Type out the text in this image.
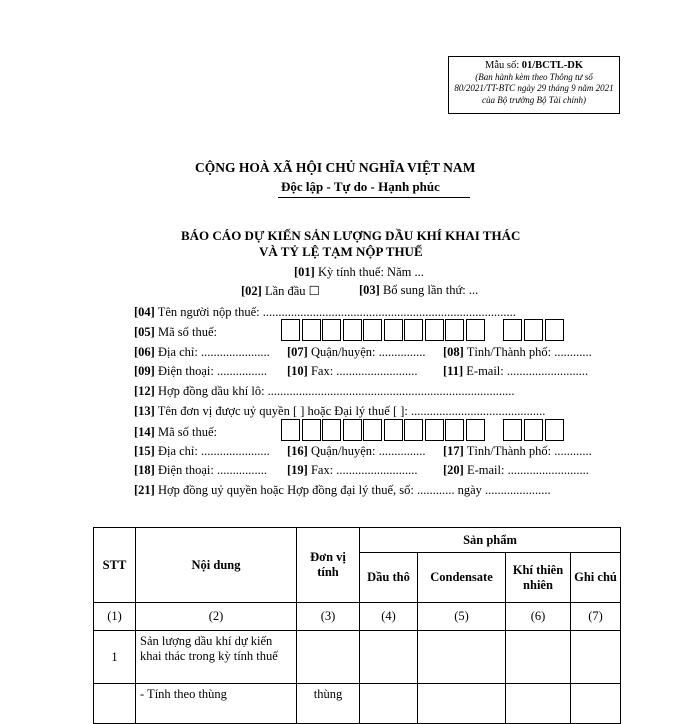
Mẫu số: 01/BCTL-DK
(Ban hành kèm theo Thông tư số
80/2021/TT-BTC ngày 29 tháng 9 năm 2021
của Bộ trưởng Bộ Tài chính)
CỘNG HOÀ XÃ HỘI CHỦ NGHĨA VIỆT NAM
Độc lập - Tự do - Hạnh phúc
BÁO CÁO DỰ KIẾN SẢN LƯỢNG DẦU KHÍ KHAI THÁC
VÀ TỶ LỆ TẠM NỘP THUẾ
[01] Kỳ tính thuế: Năm ...
[02] Lần đầu ☐	[03] Bổ sung lần thứ: ...
[04] Tên người nộp thuế: .................................................................................
[05] Mã số thuế:
[06] Địa chỉ: ...................... [07] Quận/huyện: ............... [08] Tỉnh/Thành phố: ............
[09] Điện thoại: ................ [10] Fax: .......................... [11] E-mail: ..........................
[12] Hợp đồng dầu khí lô: ...............................................................................
[13] Tên đơn vị được uỷ quyền [ ] hoặc Đại lý thuế [ ]: ...........................................
[14] Mã số thuế:
[15] Địa chỉ: ...................... [16] Quận/huyện: ............... [17] Tỉnh/Thành phố: ............
[18] Điện thoại: ................ [19] Fax: .......................... [20] E-mail: ..........................
[21] Hợp đồng uỷ quyền hoặc Hợp đồng đại lý thuế, số: ............ ngày .....................
STT	Nội dung	Đơn vị tính	Sản phẩm			
			Dầu thô	Condensate	Khí thiên nhiên	Ghi chú
(1)	(2)	(3)	(4)	(5)	(6)	(7)
1	Sản lượng dầu khí dự kiến khai thác trong kỳ tính thuế					
	- Tính theo thùng	thùng				
